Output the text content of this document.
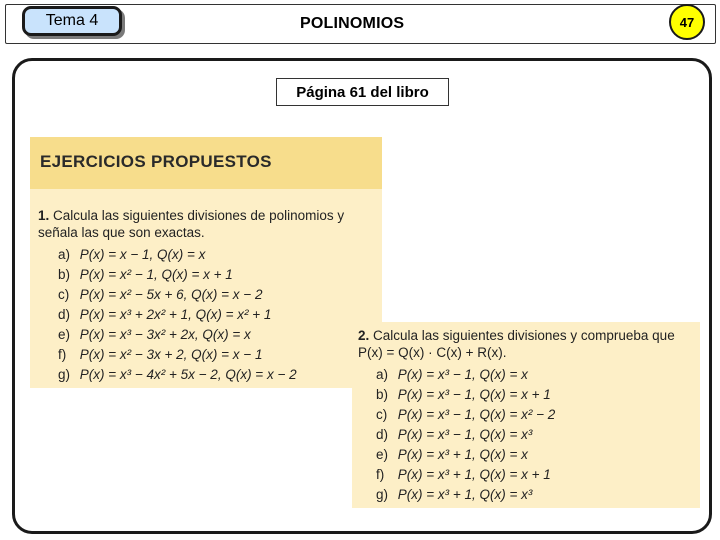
Tema 4	POLINOMIOS	47
Página 61 del libro
EJERCICIOS PROPUESTOS
1. Calcula las siguientes divisiones de polinomios y señala las que son exactas.
a) P(x) = x − 1, Q(x) = x
b) P(x) = x² − 1, Q(x) = x + 1
c) P(x) = x² − 5x + 6, Q(x) = x − 2
d) P(x) = x³ + 2x² + 1, Q(x) = x² + 1
e) P(x) = x³ − 3x² + 2x, Q(x) = x
f) P(x) = x² − 3x + 2, Q(x) = x − 1
g) P(x) = x³ − 4x² + 5x − 2, Q(x) = x − 2
2. Calcula las siguientes divisiones y comprueba que P(x) = Q(x) · C(x) + R(x).
a) P(x) = x³ − 1, Q(x) = x
b) P(x) = x³ − 1, Q(x) = x + 1
c) P(x) = x³ − 1, Q(x) = x² − 2
d) P(x) = x³ − 1, Q(x) = x³
e) P(x) = x³ + 1, Q(x) = x
f) P(x) = x³ + 1, Q(x) = x + 1
g) P(x) = x³ + 1, Q(x) = x³
